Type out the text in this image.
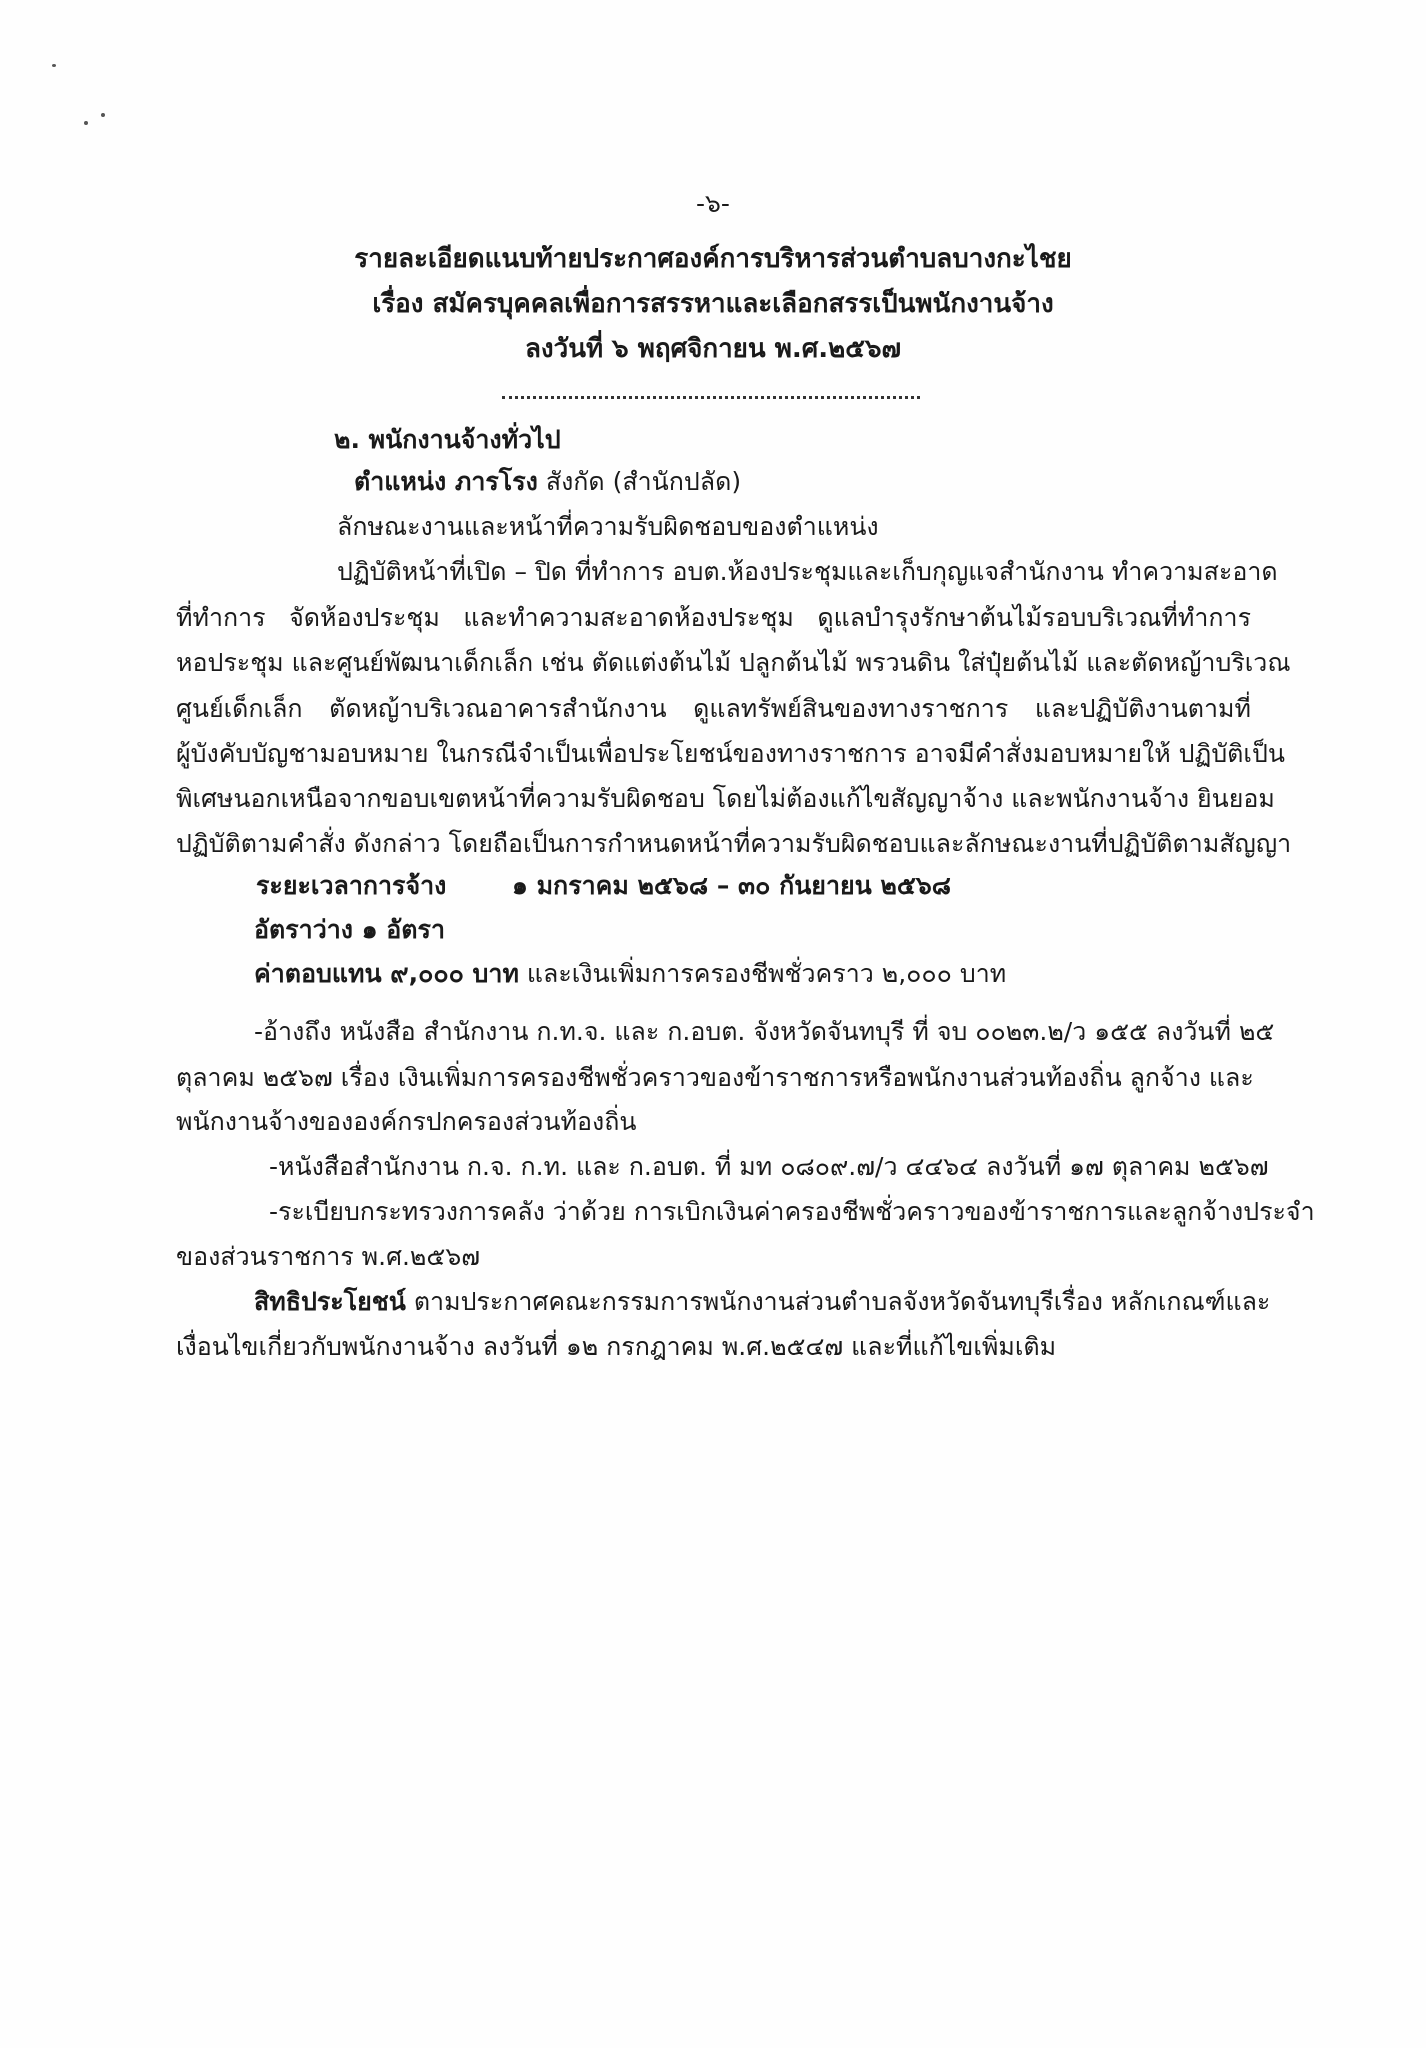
-๖-
รายละเอียดแนบท้ายประกาศองค์การบริหารส่วนตำบลบางกะไชย
เรื่อง สมัครบุคคลเพื่อการสรรหาและเลือกสรรเป็นพนักงานจ้าง
ลงวันที่ ๖ พฤศจิกายน พ.ศ.๒๕๖๗
๒. พนักงานจ้างทั่วไป
ตำแหน่ง ภารโรง สังกัด (สำนักปลัด)
ลักษณะงานและหน้าที่ความรับผิดชอบของตำแหน่ง
ปฏิบัติหน้าที่เปิด – ปิด ที่ทำการ อบต.ห้องประชุมและเก็บกุญแจสำนักงาน ทำความสะอาด
ที่ทำการ จัดห้องประชุม และทำความสะอาดห้องประชุม ดูแลบำรุงรักษาต้นไม้รอบบริเวณที่ทำการ
หอประชุม และศูนย์พัฒนาเด็กเล็ก เช่น ตัดแต่งต้นไม้ ปลูกต้นไม้ พรวนดิน ใส่ปุ๋ยต้นไม้ และตัดหญ้าบริเวณ
ศูนย์เด็กเล็ก ตัดหญ้าบริเวณอาคารสำนักงาน ดูแลทรัพย์สินของทางราชการ และปฏิบัติงานตามที่
ผู้บังคับบัญชามอบหมาย ในกรณีจำเป็นเพื่อประโยชน์ของทางราชการ อาจมีคำสั่งมอบหมายให้ ปฏิบัติเป็น
พิเศษนอกเหนือจากขอบเขตหน้าที่ความรับผิดชอบ โดยไม่ต้องแก้ไขสัญญาจ้าง และพนักงานจ้าง ยินยอม
ปฏิบัติตามคำสั่ง ดังกล่าว โดยถือเป็นการกำหนดหน้าที่ความรับผิดชอบและลักษณะงานที่ปฏิบัติตามสัญญา
ระยะเวลาการจ้าง	๑ มกราคม ๒๕๖๘ – ๓๐ กันยายน ๒๕๖๘
อัตราว่าง ๑ อัตรา
ค่าตอบแทน ๙,๐๐๐ บาท และเงินเพิ่มการครองชีพชั่วคราว ๒,๐๐๐ บาท
-อ้างถึง หนังสือ สำนักงาน ก.ท.จ. และ ก.อบต. จังหวัดจันทบุรี ที่ จบ ๐๐๒๓.๒/ว ๑๕๕ ลงวันที่ ๒๕
ตุลาคม ๒๕๖๗ เรื่อง เงินเพิ่มการครองชีพชั่วคราวของข้าราชการหรือพนักงานส่วนท้องถิ่น ลูกจ้าง และ
พนักงานจ้างขององค์กรปกครองส่วนท้องถิ่น
-หนังสือสำนักงาน ก.จ. ก.ท. และ ก.อบต. ที่ มท ๐๘๐๙.๗/ว ๔๔๖๔ ลงวันที่ ๑๗ ตุลาคม ๒๕๖๗
-ระเบียบกระทรวงการคลัง ว่าด้วย การเบิกเงินค่าครองชีพชั่วคราวของข้าราชการและลูกจ้างประจำ
ของส่วนราชการ พ.ศ.๒๕๖๗
สิทธิประโยชน์ ตามประกาศคณะกรรมการพนักงานส่วนตำบลจังหวัดจันทบุรีเรื่อง หลักเกณฑ์และ
เงื่อนไขเกี่ยวกับพนักงานจ้าง ลงวันที่ ๑๒ กรกฎาคม พ.ศ.๒๕๔๗ และที่แก้ไขเพิ่มเติม
